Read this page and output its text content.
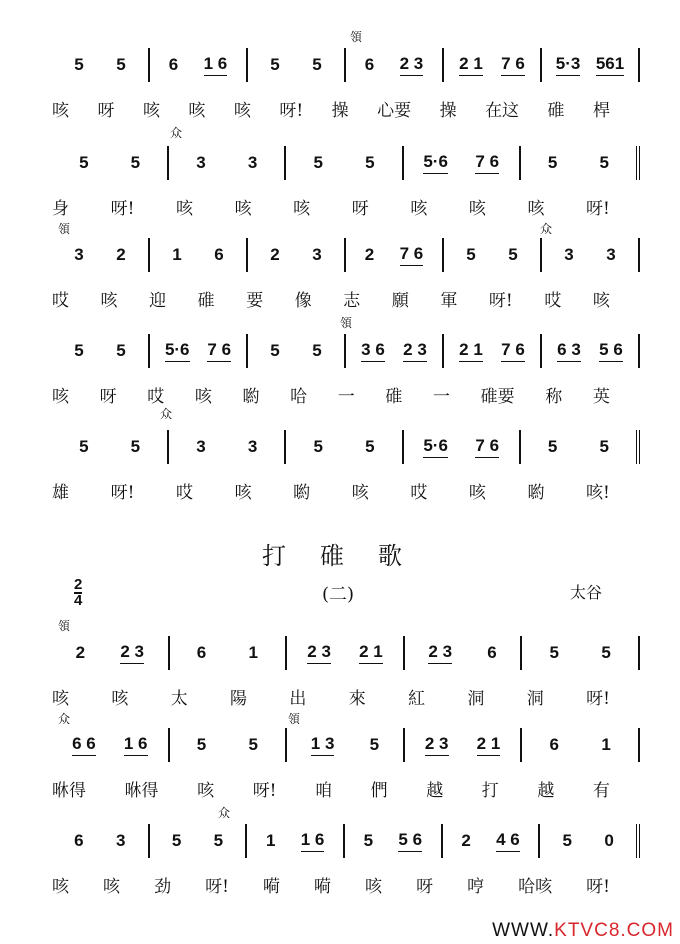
5 5	6 1 6	5 5	6 2 3 2 1 7 6 5·3 561
咳 呀 咳 咳 咳 呀! 操 心要 操 在这 碓 桿
5 5	3 3	5 5	5·6 7 6	5 5
身 呀! 咳 咳 咳 呀 咳 咳 咳 呀!
3 2	1 6	2 3	2 7 6	5 5	3 3
哎 咳 迎 碓 要 像 志 願 軍 呀! 哎 咳
5 5 5·6 7 6 5 5 3 6 2 3 2 1 7 6 6 3 5 6
咳 呀 哎 咳 喲 哈 一 碓 一 碓要 称 英
5 5	3 3	5 5	5·6 7 6	5 5
雄 呀! 哎 咳 喲 咳 哎 咳 喲 咳!
2 2 3	6 1	2 3 2 1	2 3 6	5 5
咳 咳 太 陽 出 來 紅 洞 洞 呀!
6 6 1 6	5 5	1 3 5	2 3 2 1	6 1
咻得 咻得 咳 呀! 咱 們 越 打 越 有
6 3	5 5	1 1 6 5 5 6 2 4 6	5 0
咳 咳 劲 呀! 嗬 嗬 咳 呀 哼 哈咳 呀!
領
众
領	众
領
众
打碓歌
2
4	(二)	太谷
領
众	領
众
WWW.KTVC8.COM
